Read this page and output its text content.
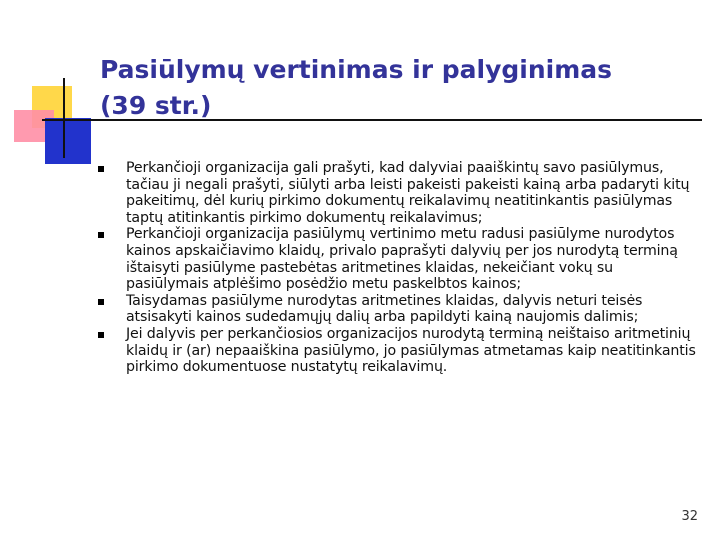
Pasiūlymų vertinimas ir palyginimas
(39 str.)
Perkančioji organizacija gali prašyti, kad dalyviai paaiškintų savo pasiūlymus, tačiau ji negali prašyti, siūlyti arba leisti pakeisti pakeisti kainą arba padaryti kitų pakeitimų, dėl kurių pirkimo dokumentų reikalavimų neatitinkantis pasiūlymas taptų atitinkantis pirkimo dokumentų reikalavimus;
Perkančioji organizacija pasiūlymų vertinimo metu radusi pasiūlyme nurodytos kainos apskaičiavimo klaidų, privalo paprašyti dalyvių per jos nurodytą terminą ištaisyti pasiūlyme pastebėtas aritmetines klaidas, nekeičiant vokų su pasiūlymais atplėšimo posėdžio metu paskelbtos kainos;
Taisydamas pasiūlyme nurodytas aritmetines klaidas, dalyvis neturi teisės atsisakyti kainos sudedamųjų dalių arba papildyti kainą naujomis dalimis;
Jei dalyvis per perkančiosios organizacijos nurodytą terminą neištaiso aritmetinių klaidų ir (ar) nepaaiškina pasiūlymo, jo pasiūlymas atmetamas kaip neatitinkantis pirkimo dokumentuose nustatytų reikalavimų.
32
